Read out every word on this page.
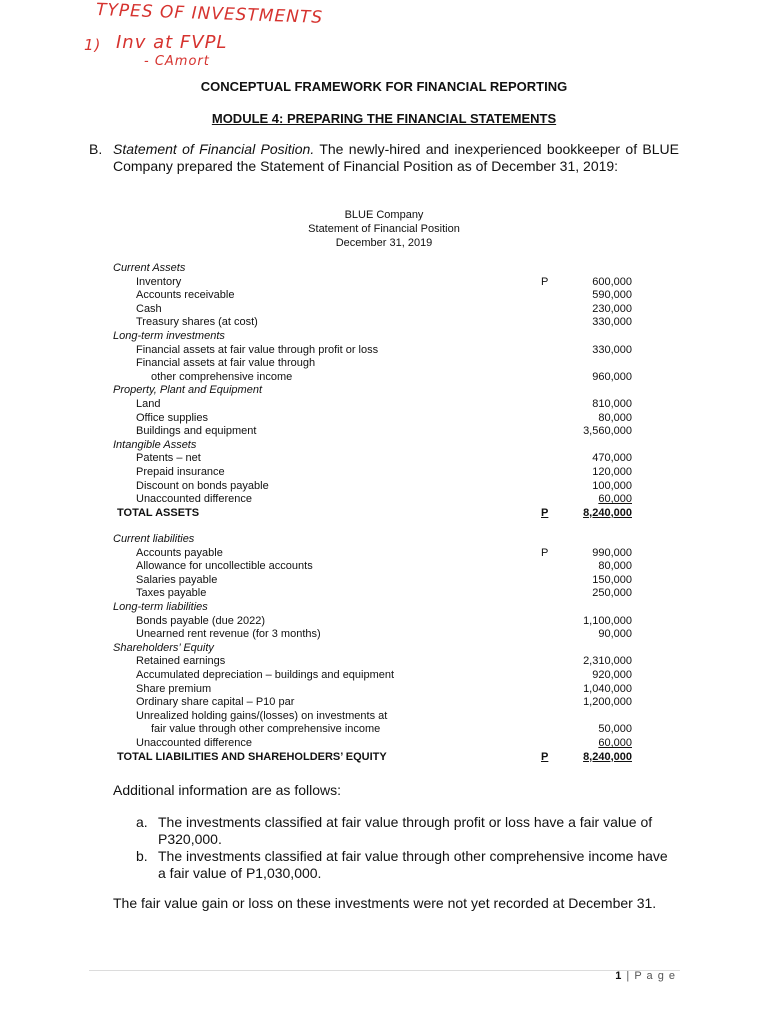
TYPES OF INVESTMENTS
1) Inv at FVPL
- CAmort
CONCEPTUAL FRAMEWORK FOR FINANCIAL REPORTING
MODULE 4: PREPARING THE FINANCIAL STATEMENTS
B. Statement of Financial Position. The newly-hired and inexperienced bookkeeper of BLUE Company prepared the Statement of Financial Position as of December 31, 2019:
BLUE Company
Statement of Financial Position
December 31, 2019
Current Assets
Inventory	P	600,000
Accounts receivable	590,000
Cash	230,000
Treasury shares (at cost)	330,000
Long-term investments
Financial assets at fair value through profit or loss	330,000
Financial assets at fair value through
other comprehensive income	960,000
Property, Plant and Equipment
Land	810,000
Office supplies	80,000
Buildings and equipment	3,560,000
Intangible Assets
Patents – net	470,000
Prepaid insurance	120,000
Discount on bonds payable	100,000
Unaccounted difference	60,000
TOTAL ASSETS	P	8,240,000
Current liabilities
Accounts payable	P	990,000
Allowance for uncollectible accounts	80,000
Salaries payable	150,000
Taxes payable	250,000
Long-term liabilities
Bonds payable (due 2022)	1,100,000
Unearned rent revenue (for 3 months)	90,000
Shareholders’ Equity
Retained earnings	2,310,000
Accumulated depreciation – buildings and equipment	920,000
Share premium	1,040,000
Ordinary share capital – P10 par	1,200,000
Unrealized holding gains/(losses) on investments at
fair value through other comprehensive income	50,000
Unaccounted difference	60,000
TOTAL LIABILITIES AND SHAREHOLDERS’ EQUITY	P	8,240,000
Additional information are as follows:
a. The investments classified at fair value through profit or loss have a fair value of P320,000.
b. The investments classified at fair value through other comprehensive income have a fair value of P1,030,000.
The fair value gain or loss on these investments were not yet recorded at December 31.
1 | P a g e
